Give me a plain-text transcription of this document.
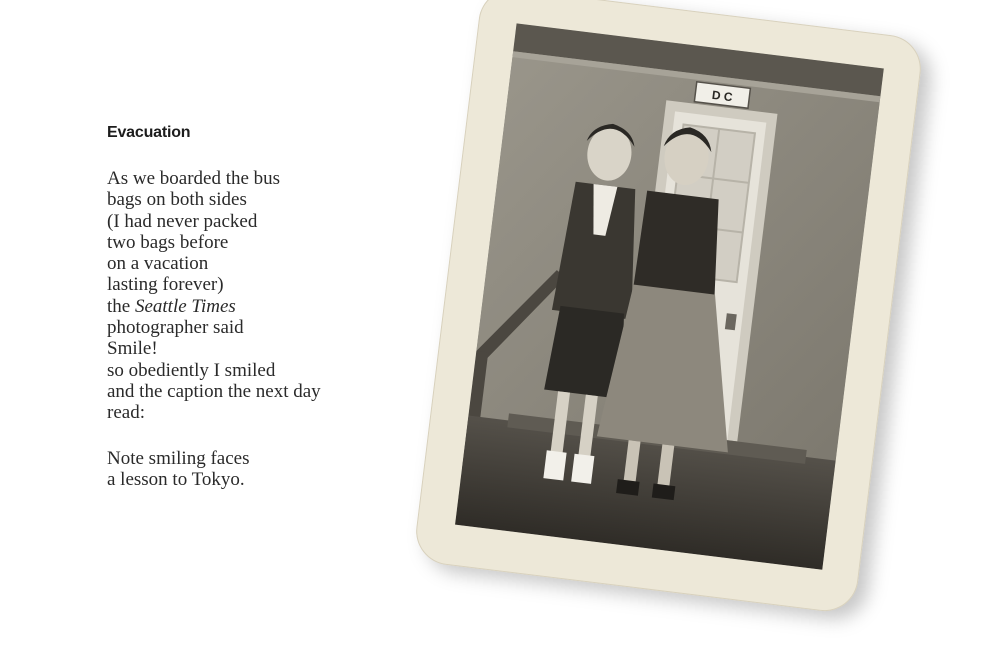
Evacuation
As we boarded the bus
bags on both sides
(I had never packed
two bags before
on a vacation
lasting forever)
the Seattle Times
photographer said
Smile!
so obediently I smiled
and the caption the next day
read:
Note smiling faces
a lesson to Tokyo.
D C
